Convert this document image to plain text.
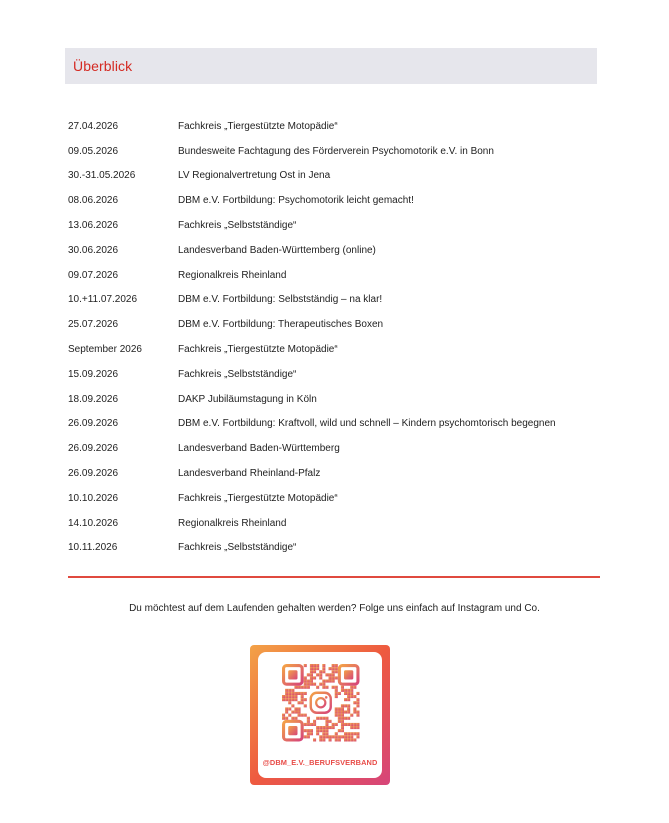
Überblick
27.04.2026	Fachkreis „Tiergestützte Motopädie“
09.05.2026	Bundesweite Fachtagung des Förderverein Psychomotorik e.V. in Bonn
30.-31.05.2026	LV Regionalvertretung Ost in Jena
08.06.2026	DBM e.V. Fortbildung: Psychomotorik leicht gemacht!
13.06.2026	Fachkreis „Selbstständige“
30.06.2026	Landesverband Baden-Württemberg (online)
09.07.2026	Regionalkreis Rheinland
10.+11.07.2026	DBM e.V. Fortbildung: Selbstständig – na klar!
25.07.2026	DBM e.V. Fortbildung: Therapeutisches Boxen
September 2026	Fachkreis „Tiergestützte Motopädie“
15.09.2026	Fachkreis „Selbstständige“
18.09.2026	DAKP Jubiläumstagung in Köln
26.09.2026	DBM e.V. Fortbildung: Kraftvoll, wild und schnell – Kindern psychomtorisch begegnen
26.09.2026	Landesverband Baden-Württemberg
26.09.2026	Landesverband Rheinland-Pfalz
10.10.2026	Fachkreis „Tiergestützte Motopädie“
14.10.2026	Regionalkreis Rheinland
10.11.2026	Fachkreis „Selbstständige“
Du möchtest auf dem Laufenden gehalten werden? Folge uns einfach auf Instagram und Co.
@DBM_E.V._BERUFSVERBAND
